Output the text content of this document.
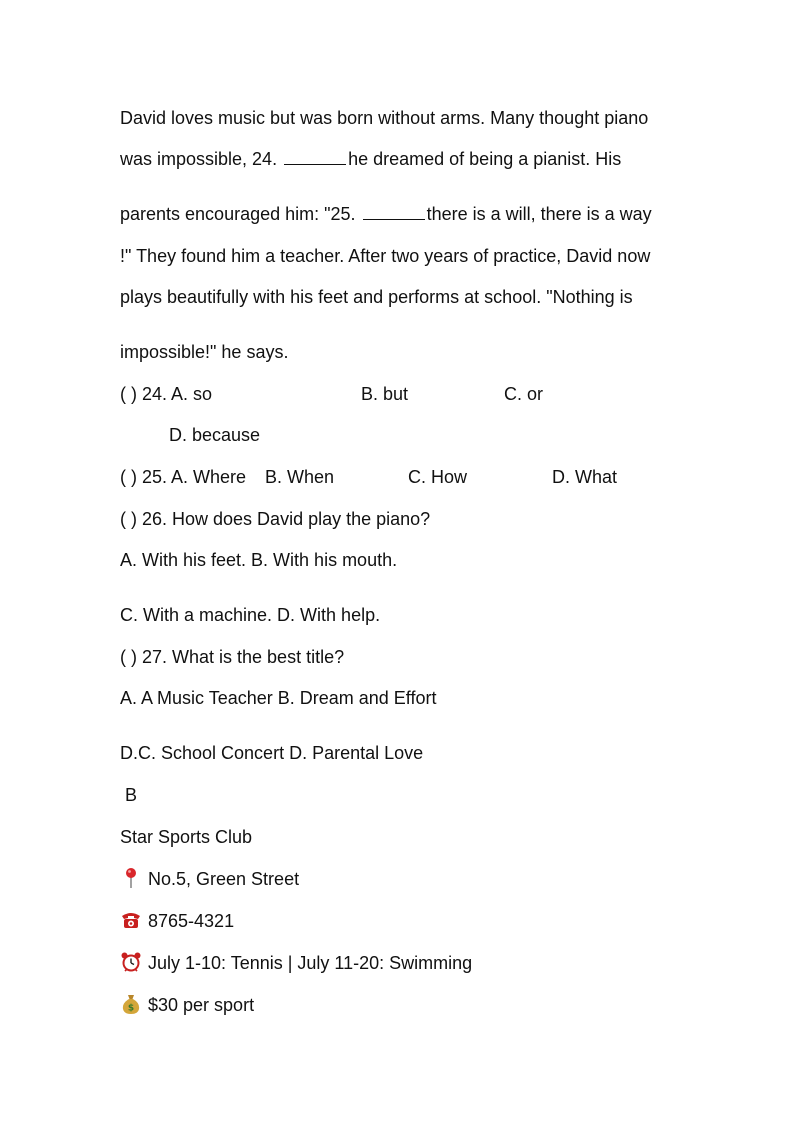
David loves music but was born without arms. Many thought piano
was impossible, 24.	he dreamed of being a pianist. His
parents encouraged him: "25.	there is a will, there is a way
!" They found him a teacher. After two years of practice, David now
plays beautifully with his feet and performs at school. "Nothing is
impossible!" he says.
( ) 24. A. so	B. but	C. or
D. because
( ) 25. A. Where B. When	C. How	D. What
( ) 26. How does David play the piano?
A. With his feet. B. With his mouth.
C. With a machine. D. With help.
( ) 27. What is the best title?
A. A Music Teacher B. Dream and Effort
D.C. School Concert D. Parental Love
B
Star Sports Club
No.5, Green Street
8765-4321
July 1-10: Tennis | July 11-20: Swimming
$ $30 per sport
